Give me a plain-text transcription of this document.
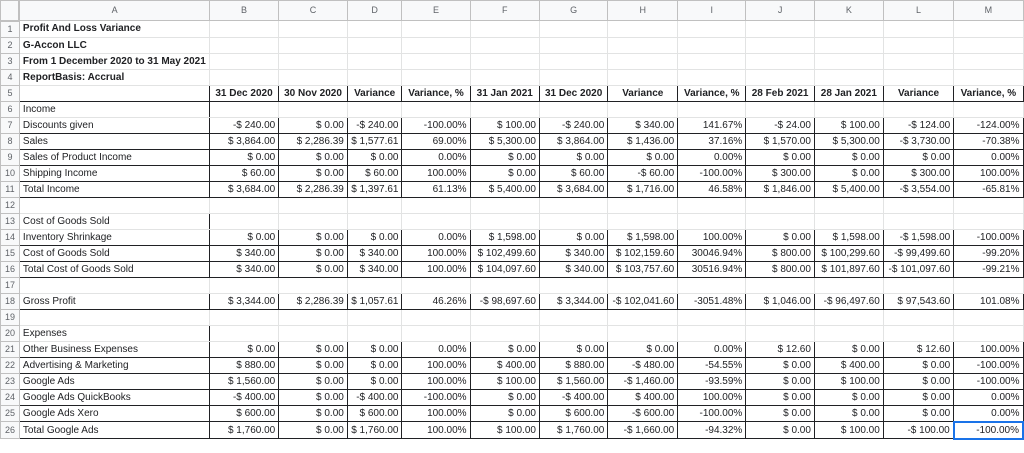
	A	B	C	D	E	F	G	H	I	J	K	L	M
1	Profit And Loss Variance												
2	G-Accon LLC												
3	From 1 December 2020 to 31 May 2021												
4	ReportBasis: Accrual												
5		31 Dec 2020	30 Nov 2020	Variance	Variance, %	31 Jan 2021	31 Dec 2020	Variance	Variance, %	28 Feb 2021	28 Jan 2021	Variance	Variance, %
6	Income												
7	Discounts given	-$ 240.00	$ 0.00	-$ 240.00	-100.00%	$ 100.00	-$ 240.00	$ 340.00	141.67%	-$ 24.00	$ 100.00	-$ 124.00	-124.00%
8	Sales	$ 3,864.00	$ 2,286.39	$ 1,577.61	69.00%	$ 5,300.00	$ 3,864.00	$ 1,436.00	37.16%	$ 1,570.00	$ 5,300.00	-$ 3,730.00	-70.38%
9	Sales of Product Income	$ 0.00	$ 0.00	$ 0.00	0.00%	$ 0.00	$ 0.00	$ 0.00	0.00%	$ 0.00	$ 0.00	$ 0.00	0.00%
10	Shipping Income	$ 60.00	$ 0.00	$ 60.00	100.00%	$ 0.00	$ 60.00	-$ 60.00	-100.00%	$ 300.00	$ 0.00	$ 300.00	100.00%
11	Total Income	$ 3,684.00	$ 2,286.39	$ 1,397.61	61.13%	$ 5,400.00	$ 3,684.00	$ 1,716.00	46.58%	$ 1,846.00	$ 5,400.00	-$ 3,554.00	-65.81%
12													
13	Cost of Goods Sold												
14	Inventory Shrinkage	$ 0.00	$ 0.00	$ 0.00	0.00%	$ 1,598.00	$ 0.00	$ 1,598.00	100.00%	$ 0.00	$ 1,598.00	-$ 1,598.00	-100.00%
15	Cost of Goods Sold	$ 340.00	$ 0.00	$ 340.00	100.00%	$ 102,499.60	$ 340.00	$ 102,159.60	30046.94%	$ 800.00	$ 100,299.60	-$ 99,499.60	-99.20%
16	Total Cost of Goods Sold	$ 340.00	$ 0.00	$ 340.00	100.00%	$ 104,097.60	$ 340.00	$ 103,757.60	30516.94%	$ 800.00	$ 101,897.60	-$ 101,097.60	-99.21%
17													
18	Gross Profit	$ 3,344.00	$ 2,286.39	$ 1,057.61	46.26%	-$ 98,697.60	$ 3,344.00	-$ 102,041.60	-3051.48%	$ 1,046.00	-$ 96,497.60	$ 97,543.60	101.08%
19													
20	Expenses												
21	Other Business Expenses	$ 0.00	$ 0.00	$ 0.00	0.00%	$ 0.00	$ 0.00	$ 0.00	0.00%	$ 12.60	$ 0.00	$ 12.60	100.00%
22	Advertising & Marketing	$ 880.00	$ 0.00	$ 0.00	100.00%	$ 400.00	$ 880.00	-$ 480.00	-54.55%	$ 0.00	$ 400.00	$ 0.00	-100.00%
23	Google Ads	$ 1,560.00	$ 0.00	$ 0.00	100.00%	$ 100.00	$ 1,560.00	-$ 1,460.00	-93.59%	$ 0.00	$ 100.00	$ 0.00	-100.00%
24	Google Ads QuickBooks	-$ 400.00	$ 0.00	-$ 400.00	-100.00%	$ 0.00	-$ 400.00	$ 400.00	100.00%	$ 0.00	$ 0.00	$ 0.00	0.00%
25	Google Ads Xero	$ 600.00	$ 0.00	$ 600.00	100.00%	$ 0.00	$ 600.00	-$ 600.00	-100.00%	$ 0.00	$ 0.00	$ 0.00	0.00%
26	Total Google Ads	$ 1,760.00	$ 0.00	$ 1,760.00	100.00%	$ 100.00	$ 1,760.00	-$ 1,660.00	-94.32%	$ 0.00	$ 100.00	-$ 100.00	-100.00%
